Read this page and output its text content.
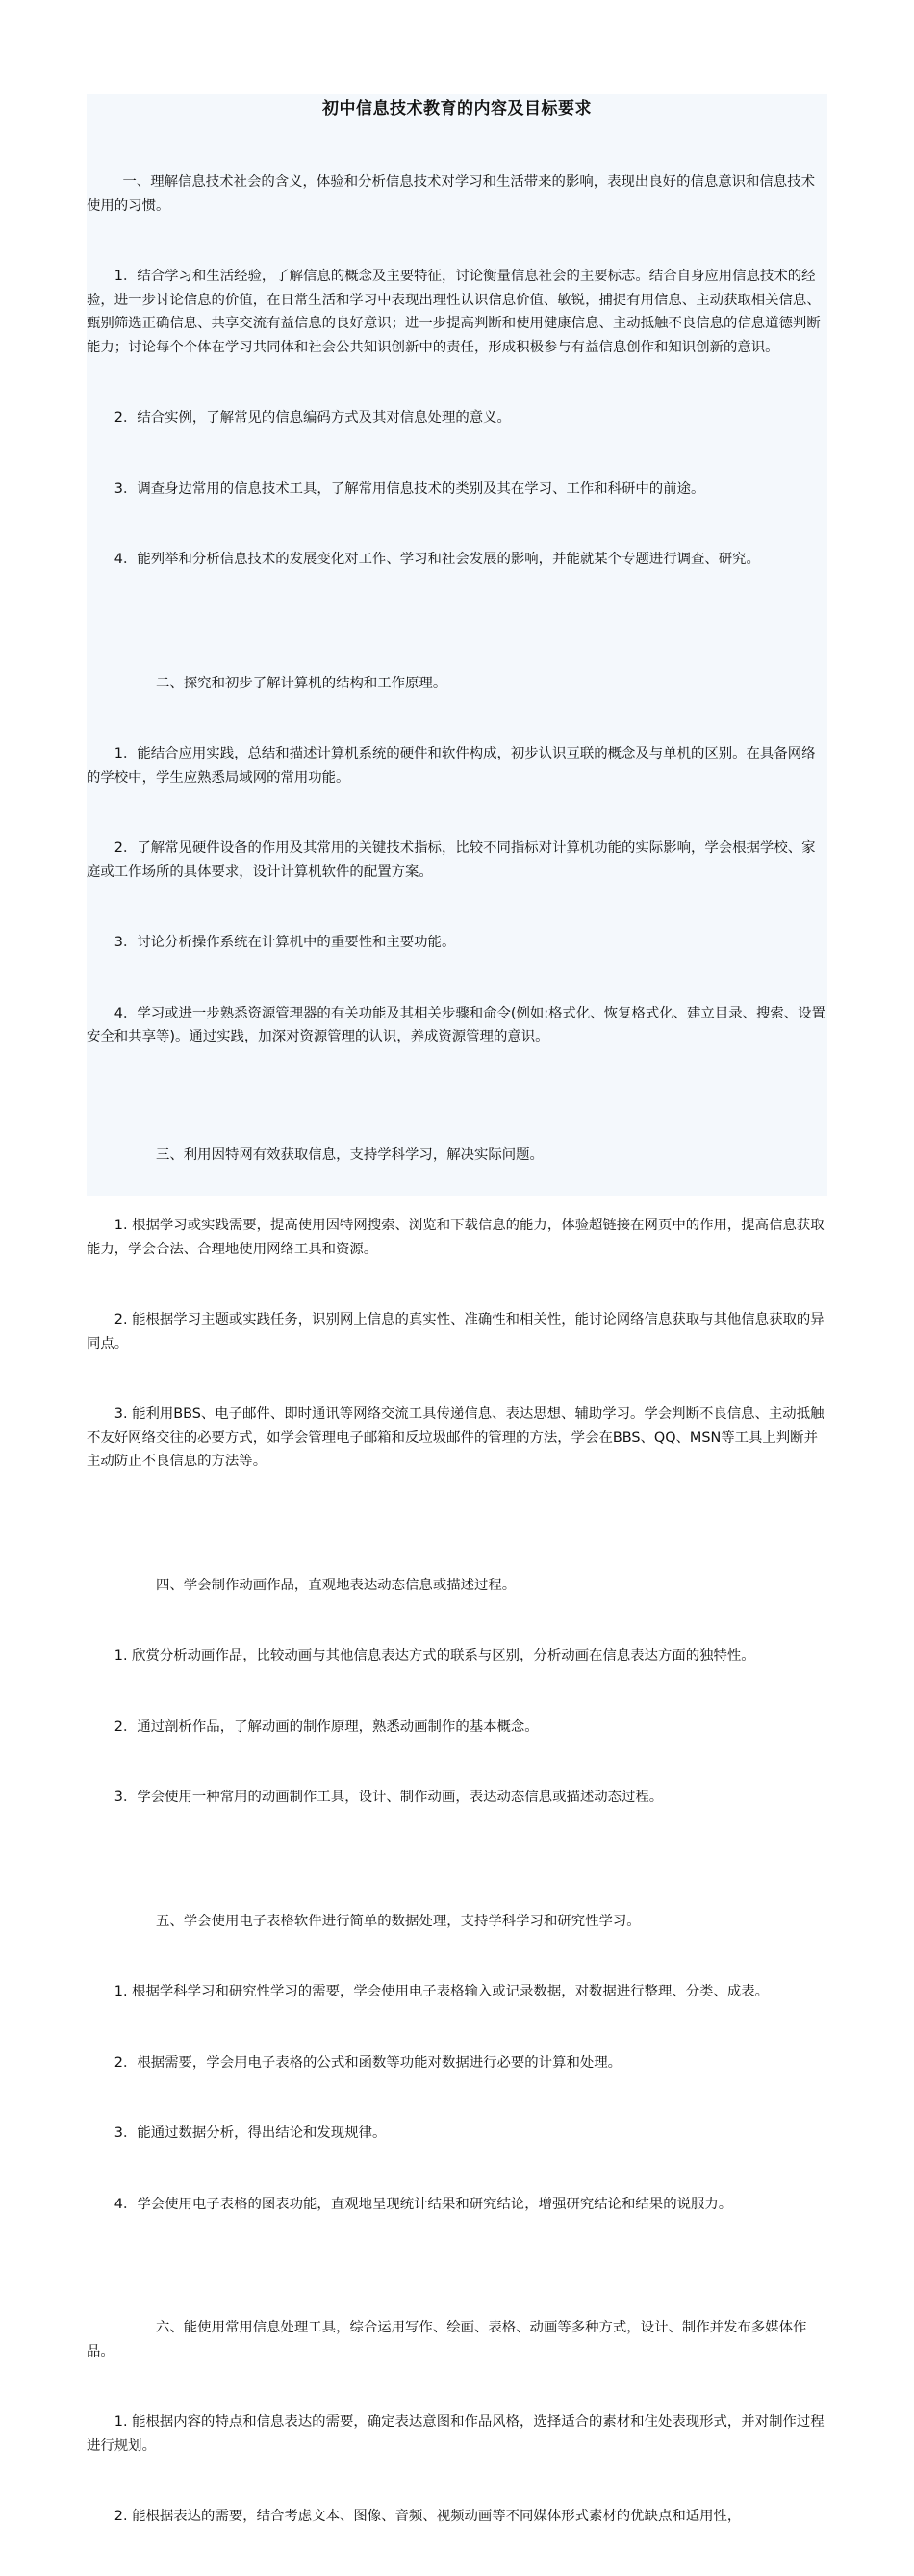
初中信息技术教育的内容及目标要求

一、理解信息技术社会的含义，体验和分析信息技术对学习和生活带来的影响，表现出良好的信息意识和信息技术使用的习惯。

1．结合学习和生活经验，了解信息的概念及主要特征，讨论衡量信息社会的主要标志。结合自身应用信息技术的经验，进一步讨论信息的价值，在日常生活和学习中表现出理性认识信息价值、敏锐，捕捉有用信息、主动获取相关信息、甄别筛选正确信息、共享交流有益信息的良好意识；进一步提高判断和使用健康信息、主动抵触不良信息的信息道德判断能力；讨论每个个体在学习共同体和社会公共知识创新中的责任，形成积极参与有益信息创作和知识创新的意识。

2．结合实例，了解常见的信息编码方式及其对信息处理的意义。

3．调查身边常用的信息技术工具，了解常用信息技术的类别及其在学习、工作和科研中的前途。

4．能列举和分析信息技术的发展变化对工作、学习和社会发展的影响，并能就某个专题进行调查、研究。

二、探究和初步了解计算机的结构和工作原理。

1．能结合应用实践，总结和描述计算机系统的硬件和软件构成，初步认识互联的概念及与单机的区别。在具备网络的学校中，学生应熟悉局域网的常用功能。

2．了解常见硬件设备的作用及其常用的关键技术指标，比较不同指标对计算机功能的实际影响，学会根据学校、家庭或工作场所的具体要求，设计计算机软件的配置方案。

3．讨论分析操作系统在计算机中的重要性和主要功能。

4．学习或进一步熟悉资源管理器的有关功能及其相关步骤和命令(例如:格式化、恢复格式化、建立目录、搜索、设置安全和共享等)。通过实践，加深对资源管理的认识，养成资源管理的意识。

三、利用因特网有效获取信息，支持学科学习，解决实际问题。

1. 根据学习或实践需要，提高使用因特网搜索、浏览和下载信息的能力，体验超链接在网页中的作用，提高信息获取能力，学会合法、合理地使用网络工具和资源。

2. 能根据学习主题或实践任务，识别网上信息的真实性、准确性和相关性，能讨论网络信息获取与其他信息获取的异同点。

3. 能利用BBS、电子邮件、即时通讯等网络交流工具传递信息、表达思想、辅助学习。学会判断不良信息、主动抵触不友好网络交往的必要方式，如学会管理电子邮箱和反垃圾邮件的管理的方法，学会在BBS、QQ、MSN等工具上判断并主动防止不良信息的方法等。

四、学会制作动画作品，直观地表达动态信息或描述过程。

1. 欣赏分析动画作品，比较动画与其他信息表达方式的联系与区别，分析动画在信息表达方面的独特性。

2．通过剖析作品，了解动画的制作原理，熟悉动画制作的基本概念。

3．学会使用一种常用的动画制作工具，设计、制作动画，表达动态信息或描述动态过程。

五、学会使用电子表格软件进行简单的数据处理，支持学科学习和研究性学习。

1. 根据学科学习和研究性学习的需要，学会使用电子表格输入或记录数据，对数据进行整理、分类、成表。

2．根据需要，学会用电子表格的公式和函数等功能对数据进行必要的计算和处理。

3．能通过数据分析，得出结论和发现规律。

4．学会使用电子表格的图表功能，直观地呈现统计结果和研究结论，增强研究结论和结果的说服力。

六、能使用常用信息处理工具，综合运用写作、绘画、表格、动画等多种方式，设计、制作并发布多媒体作品。

1. 能根据内容的特点和信息表达的需要，确定表达意图和作品风格，选择适合的素材和住处表现形式，并对制作过程进行规划。

2. 能根据表达的需要，结合考虑文本、图像、音频、视频动画等不同媒体形式素材的优缺点和适用性，
